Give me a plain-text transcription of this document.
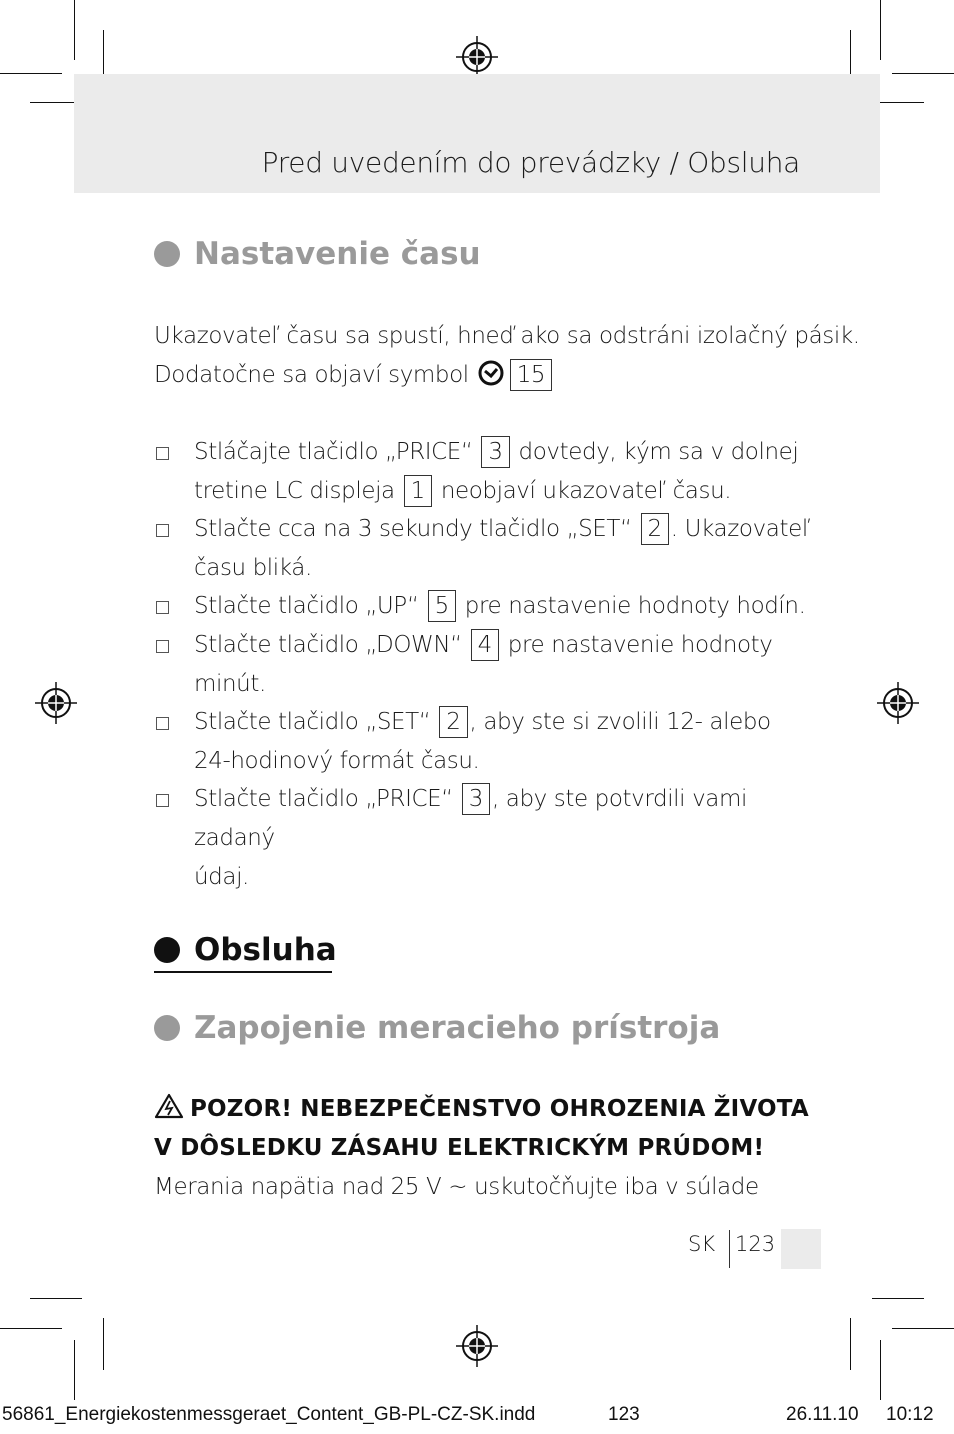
Pred uvedením do prevádzky / Obsluha
Nastavenie času
Ukazovateľ času sa spustí, hneď ako sa odstráni izolačný pásik.
Dodatočne sa objaví symbol 15
Stláčajte tlačidlo „PRICE“ 3 dovtedy, kým sa v dolnej
tretine LC displeja 1 neobjaví ukazovateľ času.
Stlačte cca na 3 sekundy tlačidlo „SET“ 2 . Ukazovateľ
času bliká.
Stlačte tlačidlo „UP“ 5 pre nastavenie hodnoty hodín.
Stlačte tlačidlo „DOWN“ 4 pre nastavenie hodnoty
minút.
Stlačte tlačidlo „SET“ 2 , aby ste si zvolili 12- alebo
24-hodinový formát času.
Stlačte tlačidlo „PRICE“ 3 , aby ste potvrdili vami zadaný
údaj.
Obsluha
Zapojenie meracieho prístroja
POZOR! NEBEZPEČENSTVO OHROZENIA ŽIVOTA
V DÔSLEDKU ZÁSAHU ELEKTRICKÝM PRÚDOM!
Merania napätia nad 25 V ~ uskutočňujte iba v súlade
SK 123
56861_Energiekostenmessgeraet_Content_GB-PL-CZ-SK.indd	123	26.11.10 10:12
